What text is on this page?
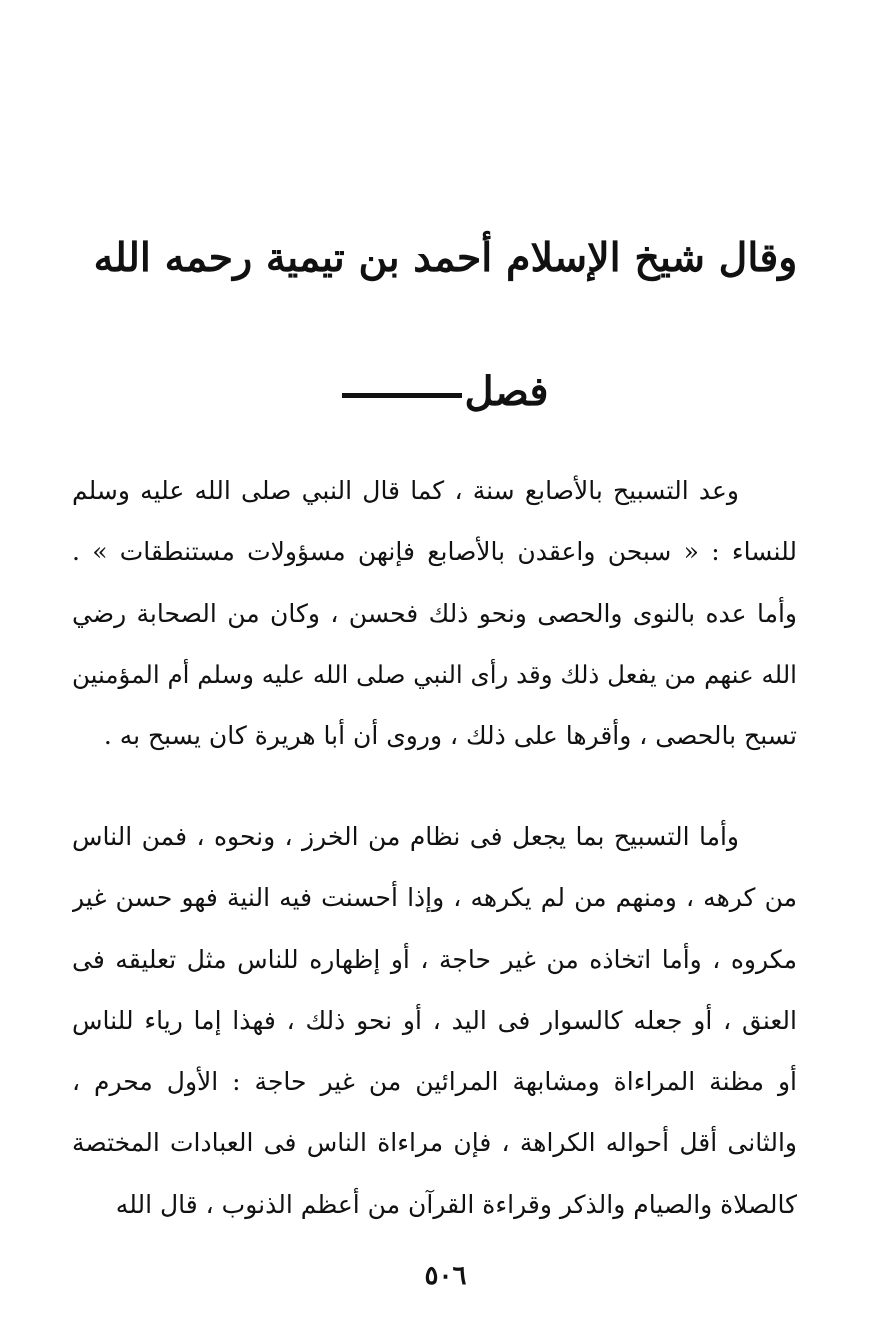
وقال شيخ الإسلام أحمد بن تيمية رحمه الله
فصل
وعد التسبيح بالأصابع سنة ، كما قال النبي صلى الله عليه وسلم
للنساء : « سبحن واعقدن بالأصابع فإنهن مسؤولات مستنطقات » .
وأما عده بالنوى والحصى ونحو ذلك فحسن ، وكان من الصحابة رضي
الله عنهم من يفعل ذلك وقد رأى النبي صلى الله عليه وسلم أم المؤمنين
تسبح بالحصى ، وأقرها على ذلك ، وروى أن أبا هريرة كان يسبح به .
وأما التسبيح بما يجعل فى نظام من الخرز ، ونحوه ، فمن الناس
من كرهه ، ومنهم من لم يكرهه ، وإذا أحسنت فيه النية فهو حسن غير
مكروه ، وأما اتخاذه من غير حاجة ، أو إظهاره للناس مثل تعليقه فى
العنق ، أو جعله كالسوار فى اليد ، أو نحو ذلك ، فهذا إما رياء للناس
أو مظنة المراءاة ومشابهة المرائين من غير حاجة : الأول محرم ،
والثانى أقل أحواله الكراهة ، فإن مراءاة الناس فى العبادات المختصة
كالصلاة والصيام والذكر وقراءة القرآن من أعظم الذنوب ، قال الله
٥٠٦
